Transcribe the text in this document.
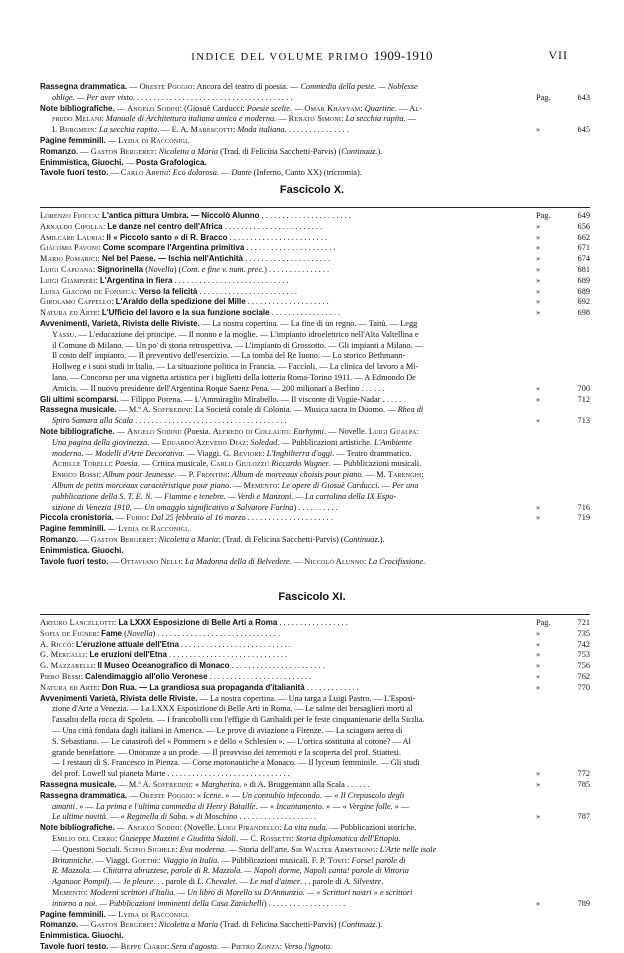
INDICE DEL VOLUME PRIMO 1909-1910	VII
Rassegna drammatica. — Oreste Poggio: Ancora del teatro di poesia. — Commedia della peste. — Noblesse
oblige. — Per aver visto. . . . . . . . . . . . . . . . . . . . . . . . . . . . . . . . . . . . . . .	Pag.	643
Note bibliografiche. — Angelo Sodini: (Giosuè Carducci: Poesie scelte. — Omar Khayyam: Quartine. — Al-
fredo Melani: Manuale di Architettura italiana antica e moderna. — Renato Simoni: La secchia rapita. —
I. Burgmein: La secchia rapita. — E. A. Marescotti: Moda italiana. . . . . . . . . . . . . . . .	»	645
Pagine femminili. — Lydia di Racconigi.
Romanzo. — Gaston Bergeret: Nicoletta a Maria (Trad. di Felicina Sacchetti-Parvis) (Continuaz.).
Enimmistica, Giuochi. — Posta Grafologica.
Tavole fuori testo. — Carlo Arpini: Eco dolorosa. — Dante (Inferno, Canto XX) (tricromia).
Fascicolo X.
Lorenzo Fiocca: L'antica pittura Umbra. — Niccolò Alunno . . . . . . . . . . . . . . . . . . . . . .	Pag.	649
Arnaldo Cipolla: Le danze nel centro dell'Africa . . . . . . . . . . . . . . . . . . . . . . . .	»	656
Amilcare Lauria: Il « Piccolo santo » di R. Bracco . . . . . . . . . . . . . . . . . . . . . . . .	»	662
Giacomo Pavoni: Come scompare l'Argentina primitiva . . . . . . . . . . . . . . . . . . . . . .	»	671
Mario Pomarici: Nel bel Paese. — Ischia nell'Antichità . . . . . . . . . . . . . . . . . . . . .	»	674
Luigi Capuana: Signorinella (Novella) (Cont. e fine v. num. prec.) . . . . . . . . . . . . . . .	»	681
Luigi Giampieri: L'Argentina in fiera . . . . . . . . . . . . . . . . . . . . . . . . . . . .	»	689
Luisa Giacomi de Fonseca: Verso la felicità . . . . . . . . . . . . . . . . . . . . . . . .	»	689
Girolamo Cappello: L'Araldo della spedizione dei Mille . . . . . . . . . . . . . . . . . . . .	»	692
Natura ed Arte: L'Ufficio del lavoro e la sua funzione sociale . . . . . . . . . . . . . . . . .	»	698
Avvenimenti, Varietà, Rivista delle Riviste. — La nostra copertina. — La fine di un regno. — Taitù. — Legg
Yassu. — L'educazione dei principe. — Il nonno e la moglie. — L'impianto idroelettrico nell'Alta Valtellina e
il Comune di Milano. — Un po' di storia retrospettiva. — L'impianto di Grossotto. — Gli impianti a Milano. —
Il costo dell' impianto. — Il preventivo dell'esercizio. — La tomba del Re Iuono. — Lo storico Bethmann-
Hollweg e i suoi studi in Italia. — La situazione politica in Francia. — Faccioli. — La clinica del lavoro a Mi-
lano. — Concorso per una vignetta artistica per i biglietti della lotteria Roma-Torino 1911. — A Edmondo De
Amicis. — Il nuovo presidente dell'Argentina Roque Saenz Pena. — 200 milionari a Berlino . . . . . .	»	700
Gli ultimi scomparsi. — Filippo Porena. — L'Ammiraglio Mirabello. — Il visconte di Vogüe-Nadar . . . . .	»	712
Rassegna musicale. — M.º A. Soffredini: La Società corale di Colonia. — Musica sacra in Duomo. — Rhea di
Spiro Samara alla Scala . . . . . . . . . . . . . . . . . . . . . . . . . . . . . . . . . . . . .	»	713
Note bibliografiche. — Angelo Sodini: (Poesia. Alfredo di Collalto: Eurhytmi. — Novelle. Luigi Gualpa:
Una pagina della giovinezza. — Eduardo Azevedo Diaz: Soledad. — Pubblicazioni artistiche. L'Ambiente
moderno. — Modelli d'Arte Decorativa. — Viaggi. G. Beviore: L'Inghilterra d'oggi. — Teatro drammatico.
Achille Torelli: Poesia. — Critica musicale, Carlo Giulozzi: Riccardo Wagner. — Pubblicazioni musicali.
Enrico Bossi: Album pour Jeunesse. — P. Frontini: Album de morceaux choisis pour piano. — M. Tarenghi:
Album de petits morceaux caractéristique pour piano. — Memento: Le opere di Giosuè Carducci. — Per una
pubblicazione della S. T. E. N. — Fiamme e tenebre. — Verdi e Manzoni. — La cartolina della IX Espo-
sizione di Venezia 1910. — Un omaggio significativo a Salvatore Farina) . . . . . . . . . .	»	716
Piccola cronistoria. — Furio: Dal 25 febbraio al 16 marzo . . . . . . . . . . . . . . . . . . . . .	»	719
Pagine femminili. — Lydia di Racconigi.
Romanzo. — Gaston Bergeret: Nicoletta a Maria: (Trad. di Felicina Sacchetti-Parvis) (Continuaz.).
Enimmistica. Giuochi.
Tavole fuori testo. — Ottaviano Nelli: La Madonna della di Belvedere. — Niccolò Alunno: La Crocifissione.
Fascicolo XI.
Arturo Lancellotti: La LXXX Esposizione di Belle Arti a Roma . . . . . . . . . . . . . . . . .	Pag.	721
Sofia de Figner: Fame (Novella) . . . . . . . . . . . . . . . . . . . . . . . . . . . . . .	»	735
A. Riccò: L'eruzione attuale dell'Etna . . . . . . . . . . . . . . . . . . . . . . . . . . .	»	742
G. Mercalli: Le eruzioni dell'Etna . . . . . . . . . . . . . . . . . . . . . . . . . . . . .	»	753
G. Mazzarelli: Il Museo Oceanografico di Monaco . . . . . . . . . . . . . . . . . . . . . . .	»	756
Piero Bessi: Calendimaggio all'olio Veronese . . . . . . . . . . . . . . . . . . . . . . . . .	»	762
Natura ed Arte: Don Rua. — La grandiosa sua propaganda d'italianità . . . . . . . . . . . . .	»	770
Avvenimenti Varietà, Rivista delle Riviste. — La nostra copertina. — Una targa a Luigi Pastro. — L'Esposi-
zione d'Arte a Venezia. — La LXXX Esposizione di Belle Arti in Roma. — Le salme dei bersaglieri morti al
l'assalto della rocca di Spoleto. — I francobolli con l'effigie di Garibaldi per le feste cinquantenarie della Sicilia.
— Una città fondata dagli italiani in America. — Le prove di aviazione a Firenze. — La sciagura aerea di
S. Sebastiano. — Le catastrofi del « Pommern » e dello « Schlesien ». — L'ortica sostituita al cotone? — Al
grande benefattore. — Onoranze a un prode. — Il preavviso dei terremoti e la scoperta del prof. Stiattesi.
— I restauri di S. Francesco in Pienza. — Corse motonautiche a Monaco. — Il lyceum femminile. — Gli studi
del prof. Lowell sul pianeta Marte . . . . . . . . . . . . . . . . . . . . . . . . . . . . . .	»	772
Rassegna musicale. — M.º A. Soffredini: « Margherita. » di A. Bruggemann alla Scala . . . . . .	»	785
Rassegna drammatica. — Oreste Poggio: « Icene. » — Un connubio infecondo. — « Il Crepuscolo degli
amanti. » — La prima e l'ultima commedia di Henry Bataille. — « Incantamento. » — « Vergine folle. » —
Le ultime novità. — « Reginella di Saba. » di Moschino . . . . . . . . . . . . . . . . . . .	»	787
Note bibliografiche. — Angelo Sodini: (Novelle. Luigi Pirandello: La vita nuda. — Pubblicazioni storiche.
Emilio del Cerro: Giuseppe Mazzini e Giuditta Sidoli. — C. Rossetti: Storia diplomatica dell'Etiopia.
— Questioni Sociali. Scipio Sighele: Eva moderna. — Storia dell'arte. Sir Walter Armstrong: L'Arte nelle isole
Britanniche. — Viaggi. Goethe: Viaggio in Italia. — Pubblicazioni musicali. F. P. Tosti: Forse! parole di
R. Mazzola. — Chitarra abruzzese, parole di R. Mazzola. — Napoli dorme, Napoli canta! parole di Vittoria
Aganoor Pompilj. — Je pleure. . . parole di L. Chevalet. — Le mal d'aimer. . . parole di A. Silvestre.
Memento: Moderni scrittori d'Italia. — Un libro di Morello su D'Annunzio. — « Scrittori nostri » e scrittori
intorno a noi. — Pubblicazioni imminenti della Casa Zanichelli) . . . . . . . . . . . . . . . . . . .	»	789
Pagine femminili. — Lydia di Racconigi.
Romanzo. — Gaston Bergeret: Nicoletta a Maria (Trad. di Felicina Sacchetti-Parvis) (Continuaz.).
Enimmistica. Giuochi.
Tavole fuori testo. — Beppe Ciardi: Sera d'agosto. — Pietro Zonza: Verso l'ignoto.
